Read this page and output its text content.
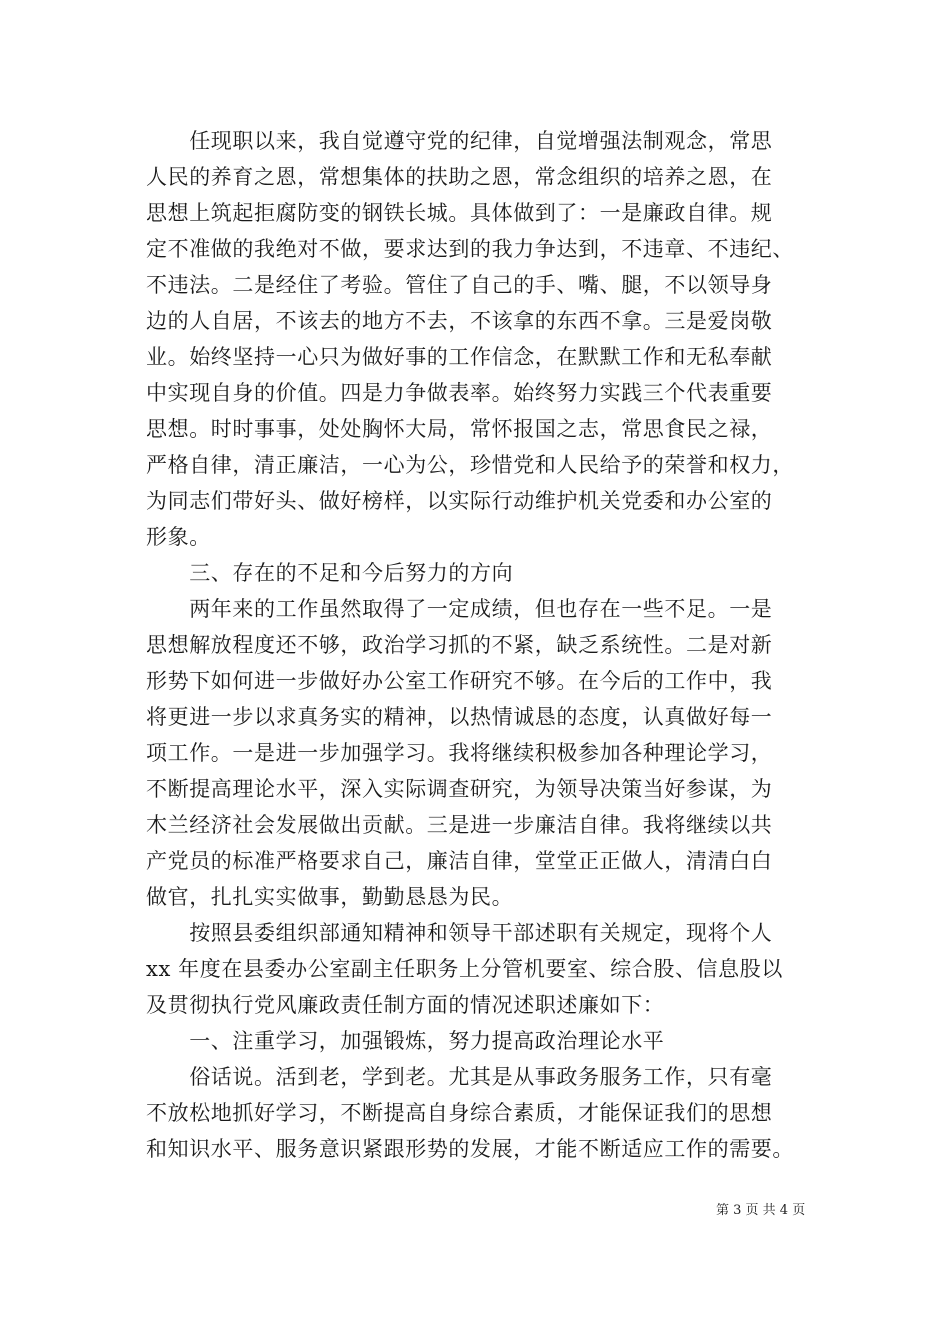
　　任现职以来，我自觉遵守党的纪律，自觉增强法制观念，常思
人民的养育之恩，常想集体的扶助之恩，常念组织的培养之恩，在
思想上筑起拒腐防变的钢铁长城。具体做到了：一是廉政自律。规
定不准做的我绝对不做，要求达到的我力争达到，不违章、不违纪、
不违法。二是经住了考验。管住了自己的手、嘴、腿，不以领导身
边的人自居，不该去的地方不去，不该拿的东西不拿。三是爱岗敬
业。始终坚持一心只为做好事的工作信念，在默默工作和无私奉献
中实现自身的价值。四是力争做表率。始终努力实践三个代表重要
思想。时时事事，处处胸怀大局，常怀报国之志，常思食民之禄，
严格自律，清正廉洁，一心为公，珍惜党和人民给予的荣誉和权力，
为同志们带好头、做好榜样，以实际行动维护机关党委和办公室的
形象。
　　三、存在的不足和今后努力的方向
　　两年来的工作虽然取得了一定成绩，但也存在一些不足。一是
思想解放程度还不够，政治学习抓的不紧，缺乏系统性。二是对新
形势下如何进一步做好办公室工作研究不够。在今后的工作中，我
将更进一步以求真务实的精神，以热情诚恳的态度，认真做好每一
项工作。一是进一步加强学习。我将继续积极参加各种理论学习，
不断提高理论水平，深入实际调查研究，为领导决策当好参谋，为
木兰经济社会发展做出贡献。三是进一步廉洁自律。我将继续以共
产党员的标准严格要求自己，廉洁自律，堂堂正正做人，清清白白
做官，扎扎实实做事，勤勤恳恳为民。
　　按照县委组织部通知精神和领导干部述职有关规定，现将个人
xx 年度在县委办公室副主任职务上分管机要室、综合股、信息股以
及贯彻执行党风廉政责任制方面的情况述职述廉如下：
　　一、注重学习，加强锻炼，努力提高政治理论水平
　　俗话说。活到老，学到老。尤其是从事政务服务工作，只有毫
不放松地抓好学习，不断提高自身综合素质，才能保证我们的思想
和知识水平、服务意识紧跟形势的发展，才能不断适应工作的需要。
第 3 页 共 4 页
